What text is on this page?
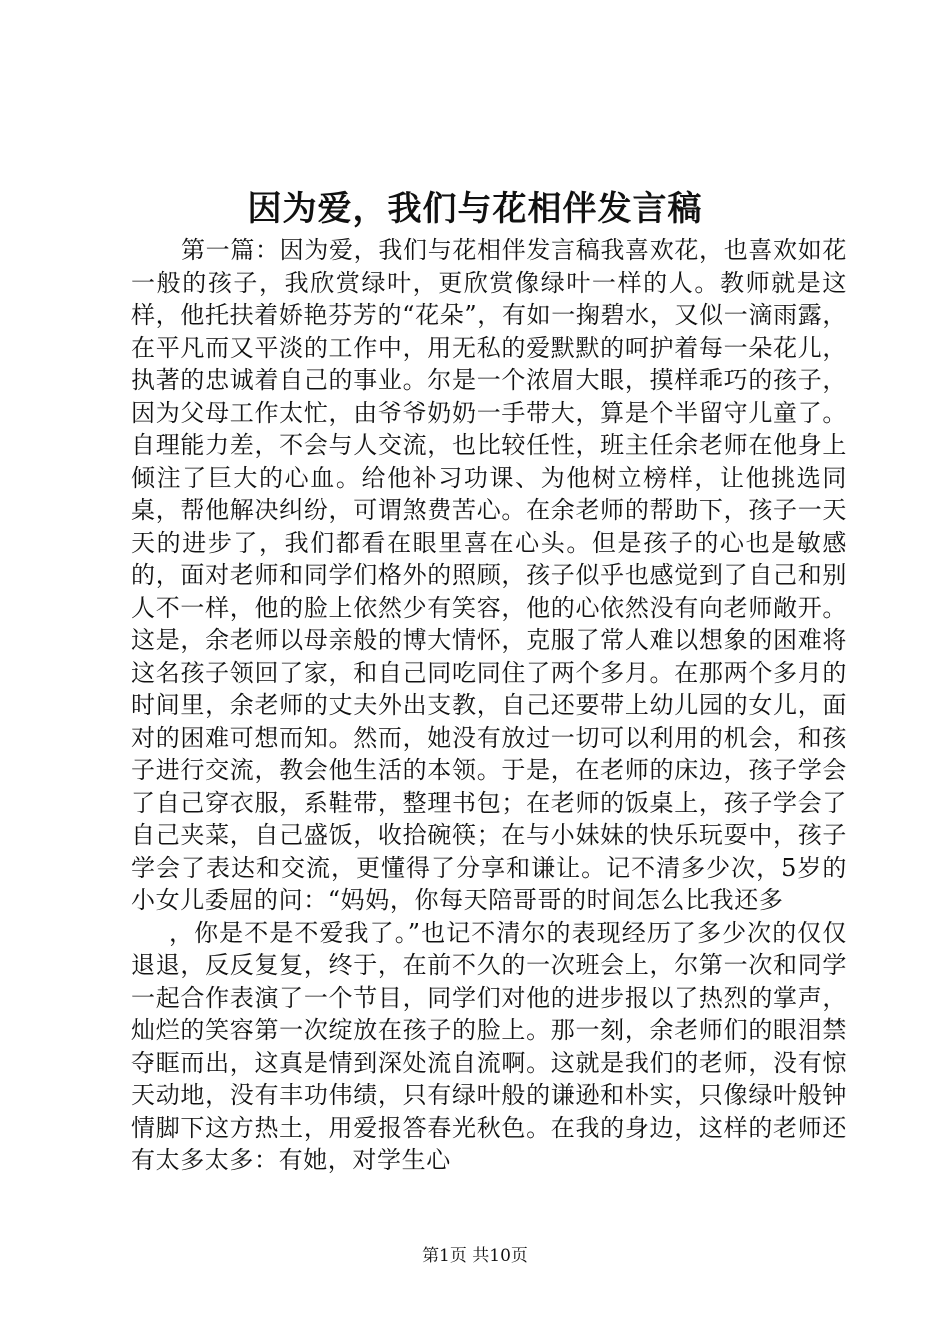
因为爱，我们与花相伴发言稿

第一篇：因为爱，我们与花相伴发言稿我喜欢花，也喜欢如花一般的孩子，我欣赏绿叶，更欣赏像绿叶一样的人。教师就是这样，他托扶着娇艳芬芳的“花朵”，有如一掬碧水，又似一滴雨露，在平凡而又平淡的工作中，用无私的爱默默的呵护着每一朵花儿，执著的忠诚着自己的事业。尔是一个浓眉大眼，摸样乖巧的孩子，因为父母工作太忙，由爷爷奶奶一手带大，算是个半留守儿童了。自理能力差，不会与人交流，也比较任性，班主任余老师在他身上倾注了巨大的心血。给他补习功课、为他树立榜样，让他挑选同桌，帮他解决纠纷，可谓煞费苦心。在余老师的帮助下，孩子一天天的进步了，我们都看在眼里喜在心头。但是孩子的心也是敏感的，面对老师和同学们格外的照顾，孩子似乎也感觉到了自己和别人不一样，他的脸上依然少有笑容，他的心依然没有向老师敞开。这是，余老师以母亲般的博大情怀，克服了常人难以想象的困难将这名孩子领回了家，和自己同吃同住了两个多月。在那两个多月的时间里，余老师的丈夫外出支教，自己还要带上幼儿园的女儿，面对的困难可想而知。然而，她没有放过一切可以利用的机会，和孩子进行交流，教会他生活的本领。于是，在老师的床边，孩子学会了自己穿衣服，系鞋带，整理书包；在老师的饭桌上，孩子学会了自己夹菜，自己盛饭，收拾碗筷；在与小妹妹的快乐玩耍中，孩子学会了表达和交流，更懂得了分享和谦让。记不清多少次，5岁的小女儿委屈的问：“妈妈，你每天陪哥哥的时间怎么比我还多

，你是不是不爱我了。”也记不清尔的表现经历了多少次的仅仅退退，反反复复，终于，在前不久的一次班会上，尔第一次和同学一起合作表演了一个节目，同学们对他的进步报以了热烈的掌声，灿烂的笑容第一次绽放在孩子的脸上。那一刻，余老师们的眼泪禁夺眶而出，这真是情到深处流自流啊。这就是我们的老师，没有惊天动地，没有丰功伟绩，只有绿叶般的谦逊和朴实，只像绿叶般钟情脚下这方热土，用爱报答春光秋色。在我的身边，这样的老师还有太多太多：有她，对学生心

第1页 共10页
